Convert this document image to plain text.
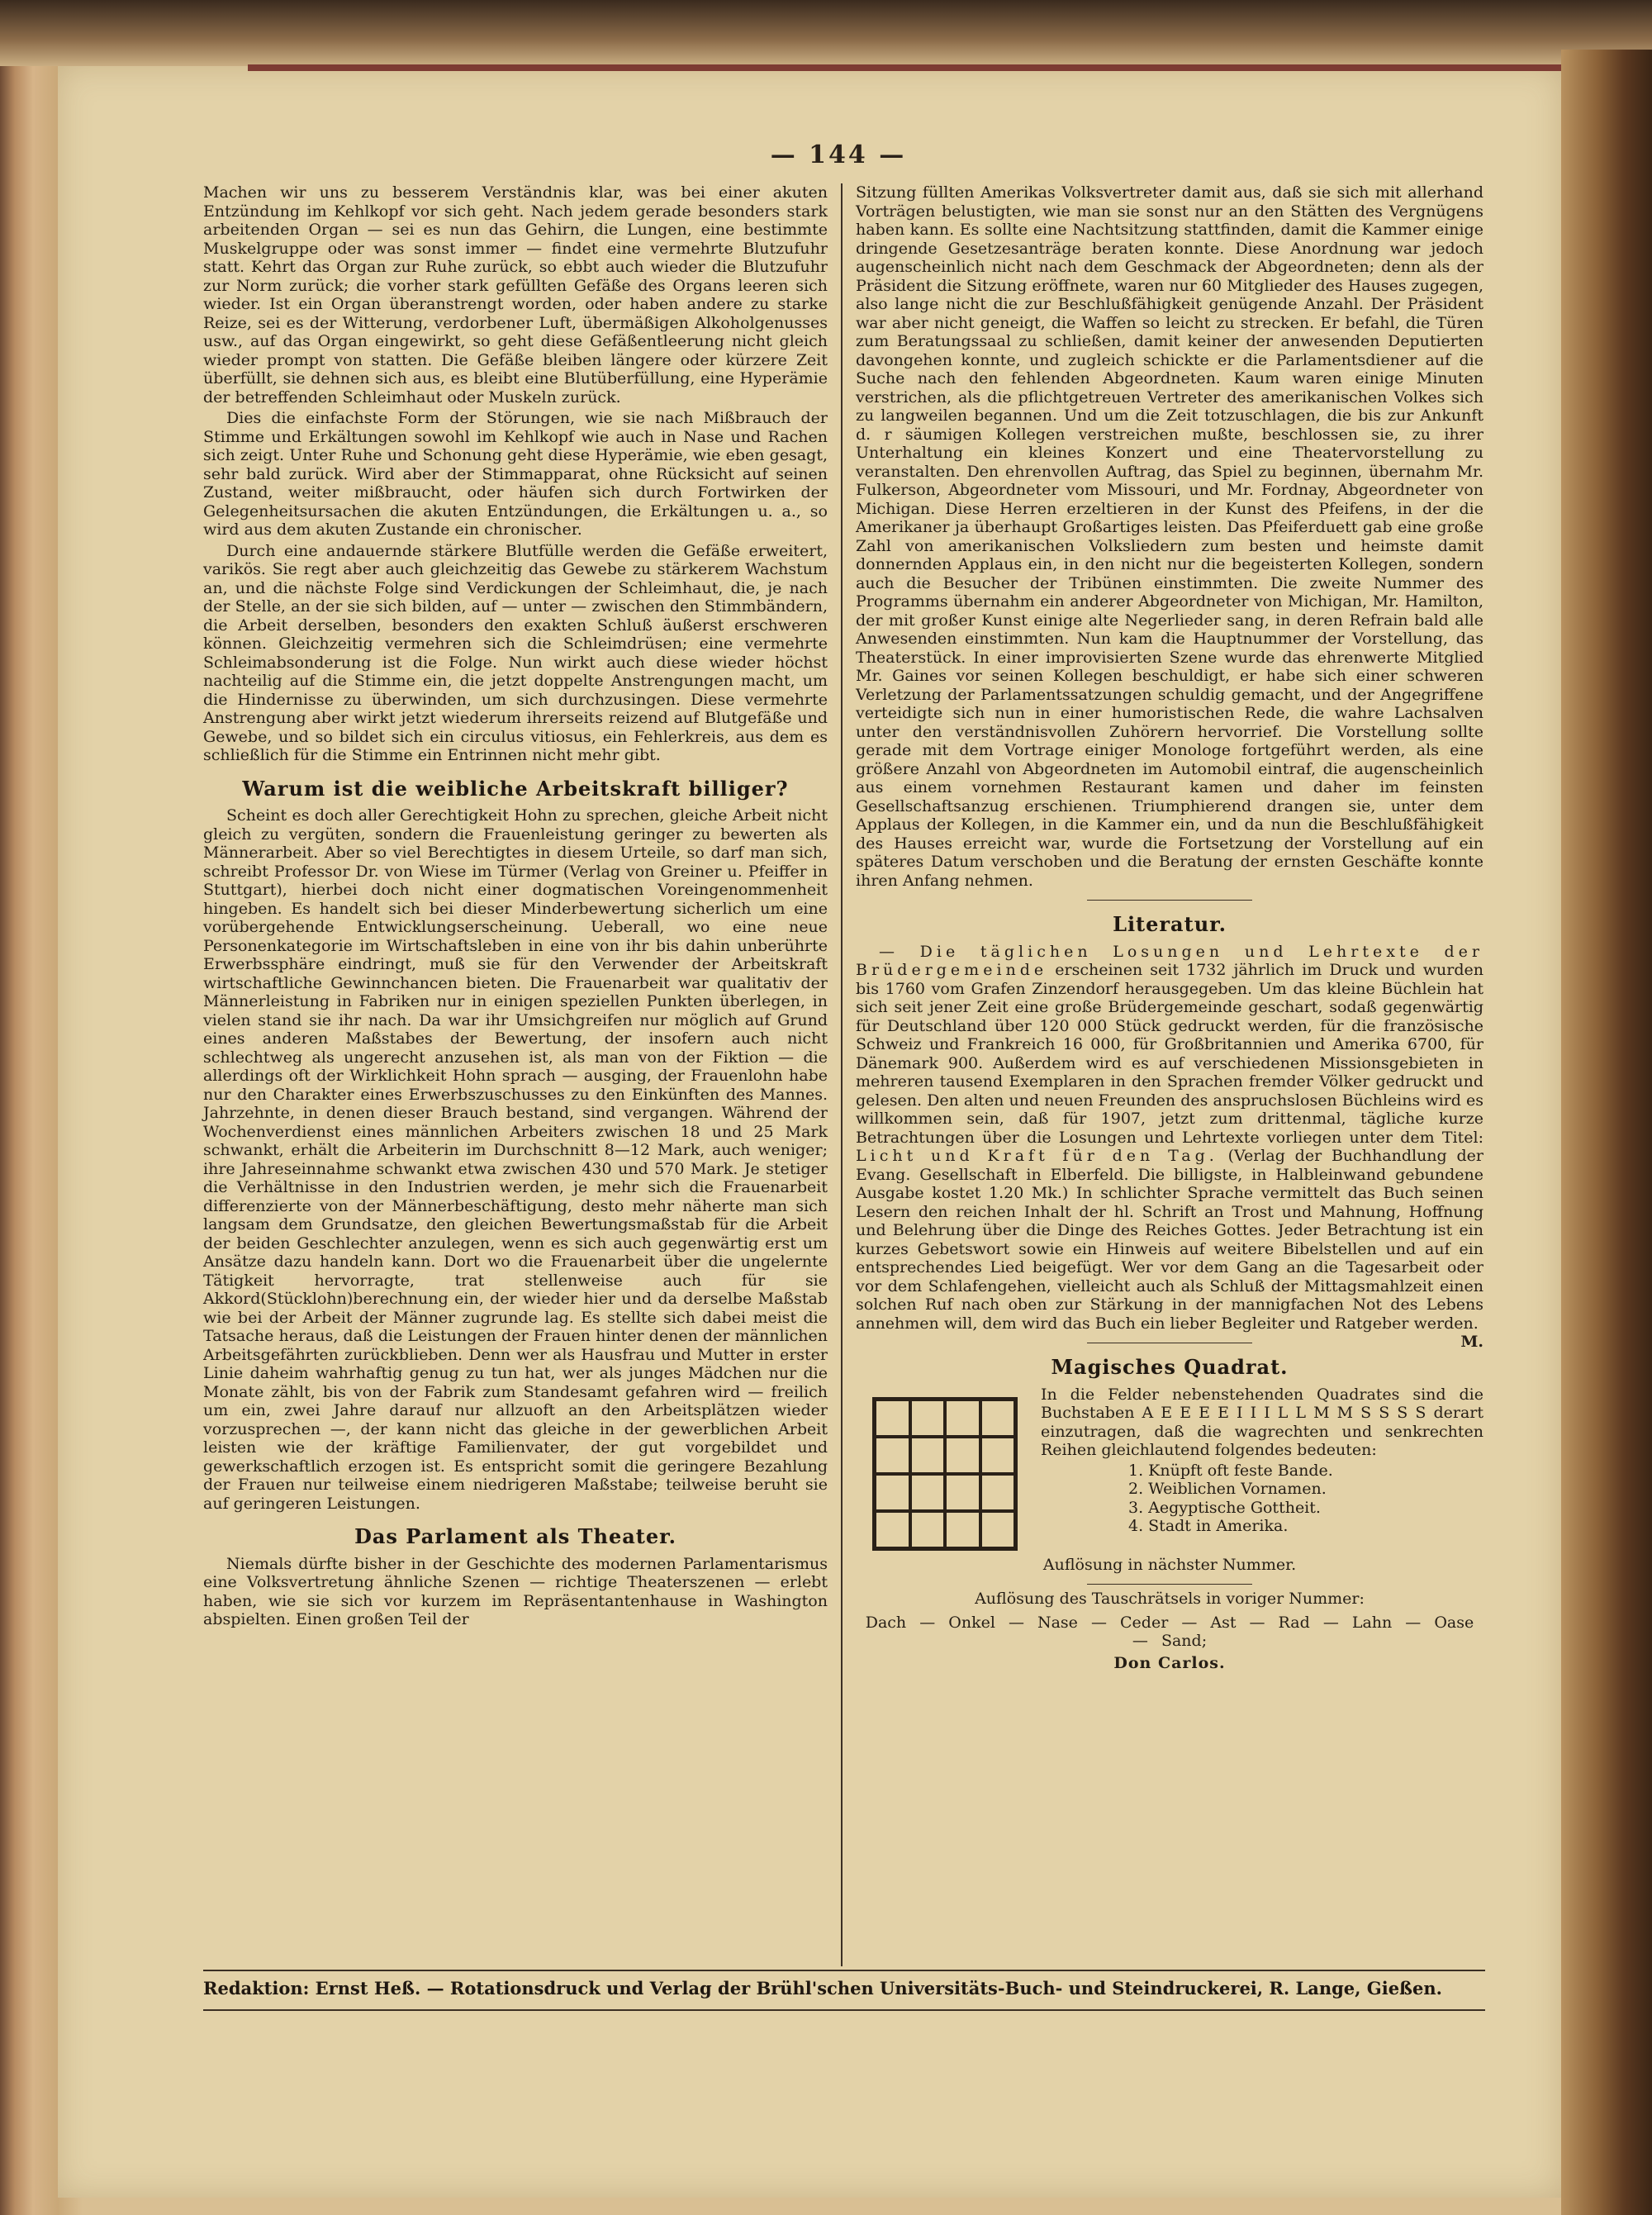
— 144 —

Machen wir uns zu besserem Verständnis klar, was bei einer akuten Entzündung im Kehlkopf vor sich geht. Nach jedem gerade besonders stark arbeitenden Organ — sei es nun das Gehirn, die Lungen, eine bestimmte Muskelgruppe oder was sonst immer — findet eine vermehrte Blutzufuhr statt. Kehrt das Organ zur Ruhe zurück, so ebbt auch wieder die Blutzufuhr zur Norm zurück; die vorher stark gefüllten Gefäße des Organs leeren sich wieder. Ist ein Organ überanstrengt worden, oder haben andere zu starke Reize, sei es der Witterung, verdorbener Luft, übermäßigen Alkoholgenusses usw., auf das Organ eingewirkt, so geht diese Gefäßentleerung nicht gleich wieder prompt von statten. Die Gefäße bleiben längere oder kürzere Zeit überfüllt, sie dehnen sich aus, es bleibt eine Blutüberfüllung, eine Hyperämie der betreffenden Schleimhaut oder Muskeln zurück.

Dies die einfachste Form der Störungen, wie sie nach Mißbrauch der Stimme und Erkältungen sowohl im Kehlkopf wie auch in Nase und Rachen sich zeigt. Unter Ruhe und Schonung geht diese Hyperämie, wie eben gesagt, sehr bald zurück. Wird aber der Stimmapparat, ohne Rücksicht auf seinen Zustand, weiter mißbraucht, oder häufen sich durch Fortwirken der Gelegenheitsursachen die akuten Entzündungen, die Erkältungen u. a., so wird aus dem akuten Zustande ein chronischer.

Durch eine andauernde stärkere Blutfülle werden die Gefäße erweitert, varikös. Sie regt aber auch gleichzeitig das Gewebe zu stärkerem Wachstum an, und die nächste Folge sind Verdickungen der Schleimhaut, die, je nach der Stelle, an der sie sich bilden, auf — unter — zwischen den Stimmbändern, die Arbeit derselben, besonders den exakten Schluß äußerst erschweren können. Gleichzeitig vermehren sich die Schleimdrüsen; eine vermehrte Schleimabsonderung ist die Folge. Nun wirkt auch diese wieder höchst nachteilig auf die Stimme ein, die jetzt doppelte Anstrengungen macht, um die Hindernisse zu überwinden, um sich durchzusingen. Diese vermehrte Anstrengung aber wirkt jetzt wiederum ihrerseits reizend auf Blutgefäße und Gewebe, und so bildet sich ein circulus vitiosus, ein Fehlerkreis, aus dem es schließlich für die Stimme ein Entrinnen nicht mehr gibt.

Warum ist die weibliche Arbeitskraft billiger?

Scheint es doch aller Gerechtigkeit Hohn zu sprechen, gleiche Arbeit nicht gleich zu vergüten, sondern die Frauenleistung geringer zu bewerten als Männerarbeit. Aber so viel Berechtigtes in diesem Urteile, so darf man sich, schreibt Professor Dr. von Wiese im Türmer (Verlag von Greiner u. Pfeiffer in Stuttgart), hierbei doch nicht einer dogmatischen Voreingenommenheit hingeben. Es handelt sich bei dieser Minderbewertung sicherlich um eine vorübergehende Entwicklungserscheinung. Ueberall, wo eine neue Personenkategorie im Wirtschaftsleben in eine von ihr bis dahin unberührte Erwerbssphäre eindringt, muß sie für den Verwender der Arbeitskraft wirtschaftliche Gewinnchancen bieten. Die Frauenarbeit war qualitativ der Männerleistung in Fabriken nur in einigen speziellen Punkten überlegen, in vielen stand sie ihr nach. Da war ihr Umsichgreifen nur möglich auf Grund eines anderen Maßstabes der Bewertung, der insofern auch nicht schlechtweg als ungerecht anzusehen ist, als man von der Fiktion — die allerdings oft der Wirklichkeit Hohn sprach — ausging, der Frauenlohn habe nur den Charakter eines Erwerbszuschusses zu den Einkünften des Mannes. Jahrzehnte, in denen dieser Brauch bestand, sind vergangen. Während der Wochenverdienst eines männlichen Arbeiters zwischen 18 und 25 Mark schwankt, erhält die Arbeiterin im Durchschnitt 8—12 Mark, auch weniger; ihre Jahreseinnahme schwankt etwa zwischen 430 und 570 Mark. Je stetiger die Verhältnisse in den Industrien werden, je mehr sich die Frauenarbeit differenzierte von der Männerbeschäftigung, desto mehr näherte man sich langsam dem Grundsatze, den gleichen Bewertungsmaßstab für die Arbeit der beiden Geschlechter anzulegen, wenn es sich auch gegenwärtig erst um Ansätze dazu handeln kann. Dort wo die Frauenarbeit über die ungelernte Tätigkeit hervorragte, trat stellenweise auch für sie Akkord(Stücklohn)berechnung ein, der wieder hier und da derselbe Maßstab wie bei der Arbeit der Männer zugrunde lag. Es stellte sich dabei meist die Tatsache heraus, daß die Leistungen der Frauen hinter denen der männlichen Arbeitsgefährten zurückblieben. Denn wer als Hausfrau und Mutter in erster Linie daheim wahrhaftig genug zu tun hat, wer als junges Mädchen nur die Monate zählt, bis von der Fabrik zum Standesamt gefahren wird — freilich um ein, zwei Jahre darauf nur allzuoft an den Arbeitsplätzen wieder vorzusprechen —, der kann nicht das gleiche in der gewerblichen Arbeit leisten wie der kräftige Familienvater, der gut vorgebildet und gewerkschaftlich erzogen ist. Es entspricht somit die geringere Bezahlung der Frauen nur teilweise einem niedrigeren Maßstabe; teilweise beruht sie auf geringeren Leistungen.

Das Parlament als Theater.

Niemals dürfte bisher in der Geschichte des modernen Parlamentarismus eine Volksvertretung ähnliche Szenen — richtige Theaterszenen — erlebt haben, wie sie sich vor kurzem im Repräsentantenhause in Washington abspielten. Einen großen Teil der

Sitzung füllten Amerikas Volksvertreter damit aus, daß sie sich mit allerhand Vorträgen belustigten, wie man sie sonst nur an den Stätten des Vergnügens haben kann. Es sollte eine Nachtsitzung stattfinden, damit die Kammer einige dringende Gesetzesanträge beraten konnte. Diese Anordnung war jedoch augenscheinlich nicht nach dem Geschmack der Abgeordneten; denn als der Präsident die Sitzung eröffnete, waren nur 60 Mitglieder des Hauses zugegen, also lange nicht die zur Beschlußfähigkeit genügende Anzahl. Der Präsident war aber nicht geneigt, die Waffen so leicht zu strecken. Er befahl, die Türen zum Beratungssaal zu schließen, damit keiner der anwesenden Deputierten davongehen konnte, und zugleich schickte er die Parlamentsdiener auf die Suche nach den fehlenden Abgeordneten. Kaum waren einige Minuten verstrichen, als die pflichtgetreuen Vertreter des amerikanischen Volkes sich zu langweilen begannen. Und um die Zeit totzuschlagen, die bis zur Ankunft d. r säumigen Kollegen verstreichen mußte, beschlossen sie, zu ihrer Unterhaltung ein kleines Konzert und eine Theatervorstellung zu veranstalten. Den ehrenvollen Auftrag, das Spiel zu beginnen, übernahm Mr. Fulkerson, Abgeordneter vom Missouri, und Mr. Fordnay, Abgeordneter von Michigan. Diese Herren erzeltieren in der Kunst des Pfeifens, in der die Amerikaner ja überhaupt Großartiges leisten. Das Pfeiferduett gab eine große Zahl von amerikanischen Volksliedern zum besten und heimste damit donnernden Applaus ein, in den nicht nur die begeisterten Kollegen, sondern auch die Besucher der Tribünen einstimmten. Die zweite Nummer des Programms übernahm ein anderer Abgeordneter von Michigan, Mr. Hamilton, der mit großer Kunst einige alte Negerlieder sang, in deren Refrain bald alle Anwesenden einstimmten. Nun kam die Hauptnummer der Vorstellung, das Theaterstück. In einer improvisierten Szene wurde das ehrenwerte Mitglied Mr. Gaines vor seinen Kollegen beschuldigt, er habe sich einer schweren Verletzung der Parlamentssatzungen schuldig gemacht, und der Angegriffene verteidigte sich nun in einer humoristischen Rede, die wahre Lachsalven unter den verständnisvollen Zuhörern hervorrief. Die Vorstellung sollte gerade mit dem Vortrage einiger Monologe fortgeführt werden, als eine größere Anzahl von Abgeordneten im Automobil eintraf, die augenscheinlich aus einem vornehmen Restaurant kamen und daher im feinsten Gesellschaftsanzug erschienen. Triumphierend drangen sie, unter dem Applaus der Kollegen, in die Kammer ein, und da nun die Beschlußfähigkeit des Hauses erreicht war, wurde die Fortsetzung der Vorstellung auf ein späteres Datum verschoben und die Beratung der ernsten Geschäfte konnte ihren Anfang nehmen.

Literatur.

— Die täglichen Losungen und Lehrtexte der Brüdergemeinde erscheinen seit 1732 jährlich im Druck und wurden bis 1760 vom Grafen Zinzendorf herausgegeben. Um das kleine Büchlein hat sich seit jener Zeit eine große Brüdergemeinde geschart, sodaß gegenwärtig für Deutschland über 120 000 Stück gedruckt werden, für die französische Schweiz und Frankreich 16 000, für Großbritannien und Amerika 6700, für Dänemark 900. Außerdem wird es auf verschiedenen Missionsgebieten in mehreren tausend Exemplaren in den Sprachen fremder Völker gedruckt und gelesen. Den alten und neuen Freunden des anspruchslosen Büchleins wird es willkommen sein, daß für 1907, jetzt zum drittenmal, tägliche kurze Betrachtungen über die Losungen und Lehrtexte vorliegen unter dem Titel: Licht und Kraft für den Tag. (Verlag der Buchhandlung der Evang. Gesellschaft in Elberfeld. Die billigste, in Halbleinwand gebundene Ausgabe kostet 1.20 Mk.) In schlichter Sprache vermittelt das Buch seinen Lesern den reichen Inhalt der hl. Schrift an Trost und Mahnung, Hoffnung und Belehrung über die Dinge des Reiches Gottes. Jeder Betrachtung ist ein kurzes Gebetswort sowie ein Hinweis auf weitere Bibelstellen und auf ein entsprechendes Lied beigefügt. Wer vor dem Gang an die Tagesarbeit oder vor dem Schlafengehen, vielleicht auch als Schluß der Mittagsmahlzeit einen solchen Ruf nach oben zur Stärkung in der mannigfachen Not des Lebens annehmen will, dem wird das Buch ein lieber Begleiter und Ratgeber werden.
M.

Magisches Quadrat.
In die Felder nebenstehenden Quadrates sind die Buchstaben A E E E E I I I L L M M S S S S derart einzutragen, daß die wagrechten und senkrechten Reihen gleichlautend folgendes bedeuten:
1. Knüpft oft feste Bande.
2. Weiblichen Vornamen.
3. Aegyptische Gottheit.
4. Stadt in Amerika.

Auflösung in nächster Nummer.

Auflösung des Tauschrätsels in voriger Nummer:

Dach — Onkel — Nase — Ceder — Ast — Rad — Lahn — Oase — Sand;
Don Carlos.
Redaktion: Ernst Heß. — Rotationsdruck und Verlag der Brühl'schen Universitäts-Buch- und Steindruckerei, R. Lange, Gießen.
